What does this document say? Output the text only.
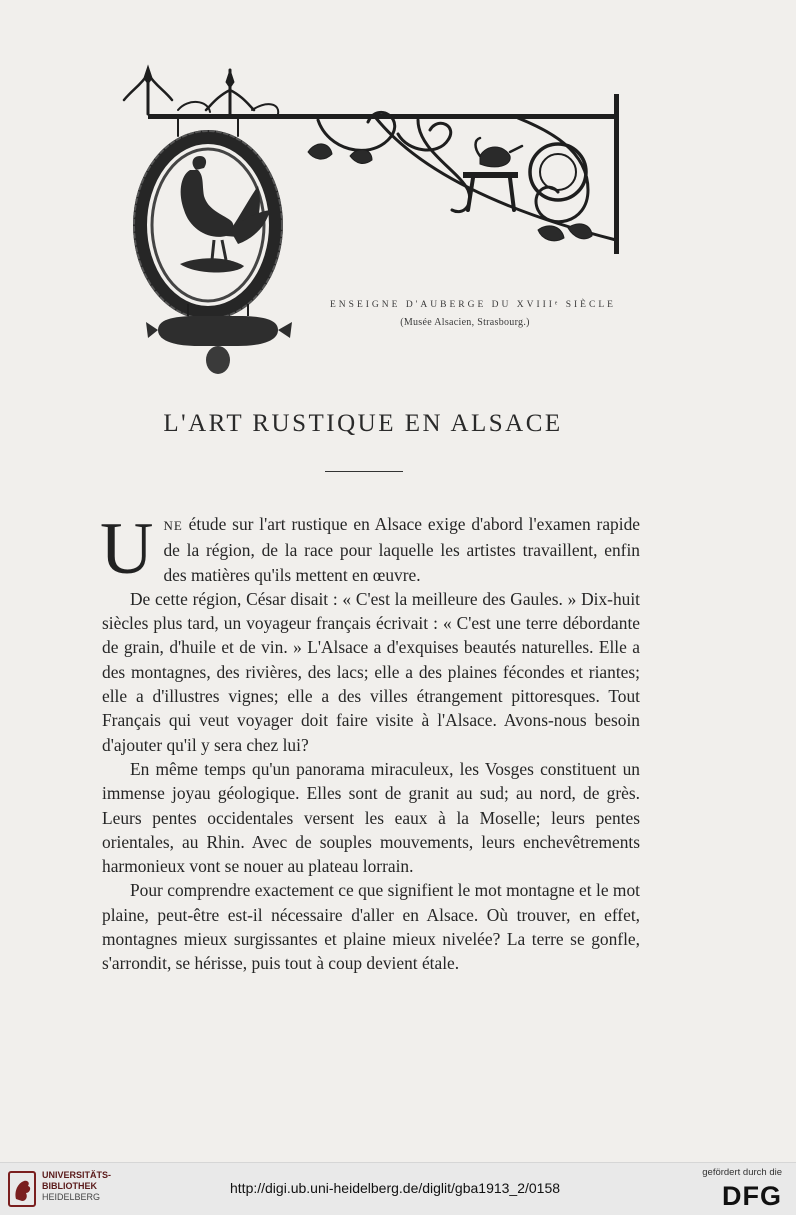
ENSEIGNE D'AUBERGE DU XVIIIᵉ SIÈCLE
(Musée Alsacien, Strasbourg.)
L'ART RUSTIQUE EN ALSACE

UNE étude sur l'art rustique en Alsace exige d'abord l'examen rapide de la région, de la race pour laquelle les artistes travaillent, enfin des matières qu'ils mettent en œuvre.

De cette région, César disait : « C'est la meilleure des Gaules. » Dix-huit siècles plus tard, un voyageur français écrivait : « C'est une terre débordante de grain, d'huile et de vin. » L'Alsace a d'exquises beautés naturelles. Elle a des montagnes, des rivières, des lacs; elle a des plaines fécondes et riantes; elle a d'illustres vignes; elle a des villes étrangement pittoresques. Tout Français qui veut voyager doit faire visite à l'Alsace. Avons-nous besoin d'ajouter qu'il y sera chez lui?

En même temps qu'un panorama miraculeux, les Vosges constituent un immense joyau géologique. Elles sont de granit au sud; au nord, de grès. Leurs pentes occidentales versent les eaux à la Moselle; leurs pentes orientales, au Rhin. Avec de souples mouvements, leurs enchevêtrements harmonieux vont se nouer au plateau lorrain.

Pour comprendre exactement ce que signifient le mot montagne et le mot plaine, peut-être est-il nécessaire d'aller en Alsace. Où trouver, en effet, montagnes mieux surgissantes et plaine mieux nivelée? La terre se gonfle, s'arrondit, se hérisse, puis tout à coup devient étale.

UNIVERSITÄTS-
BIBLIOTHEK
HEIDELBERG
http://digi.ub.uni-heidelberg.de/diglit/gba1913_2/0158
gefördert durch die
DFG
